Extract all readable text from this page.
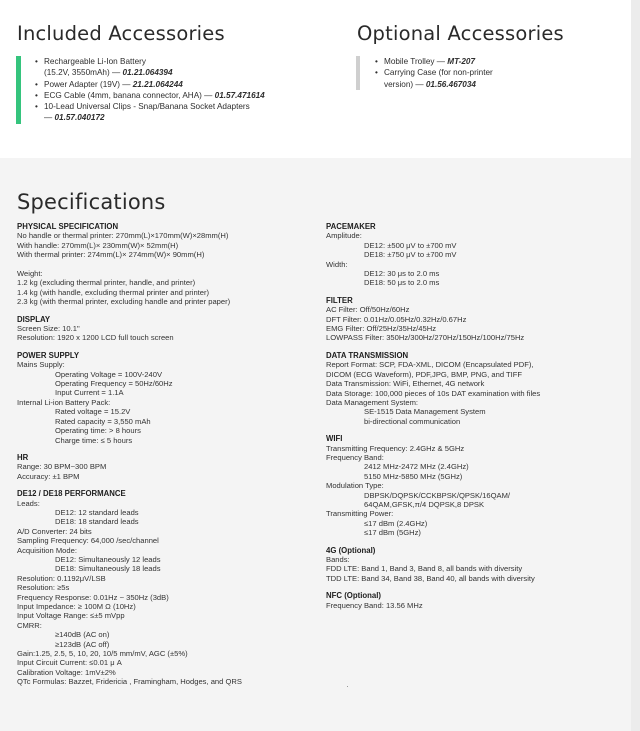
Included Accessories	Optional Accessories
• Rechargeable Li-Ion Battery
(15.2V, 3550mAh) — 01.21.064394
• Power Adapter (19V) — 21.21.064244
• ECG Cable (4mm, banana connector, AHA) — 01.57.471614
• 10-Lead Universal Clips - Snap/Banana Socket Adapters
— 01.57.040172
• Mobile Trolley — MT-207
• Carrying Case (for non-printer
version) — 01.56.467034
Specifications
PHYSICAL SPECIFICATION
No handle or thermal printer: 270mm(L)×170mm(W)×28mm(H)
With handle: 270mm(L)× 230mm(W)× 52mm(H)
With thermal printer: 274mm(L)× 274mm(W)× 90mm(H)
Weight:
1.2 kg (excluding thermal printer, handle, and printer)
1.4 kg (with handle, excluding thermal printer and printer)
2.3 kg (with thermal printer, excluding handle and printer paper)
DISPLAY
Screen Size: 10.1"
Resolution: 1920 x 1200 LCD full touch screen
POWER SUPPLY
Mains Supply:
Operating Voltage = 100V-240V
Operating Frequency = 50Hz/60Hz
Input Current = 1.1A
Internal Li-ion Battery Pack:
Rated voltage = 15.2V
Rated capacity = 3,550 mAh
Operating time: > 8 hours
Charge time: ≤ 5 hours
HR
Range: 30 BPM~300 BPM
Accuracy: ±1 BPM
DE12 / DE18 PERFORMANCE
Leads:
DE12: 12 standard leads
DE18: 18 standard leads
A/D Converter: 24 bits
Sampling Frequency: 64,000 /sec/channel
Acquisition Mode:
DE12: Simultaneously 12 leads
DE18: Simultaneously 18 leads
Resolution: 0.1192μV/LSB
Resolution: ≥5s
Frequency Response: 0.01Hz ~ 350Hz (3dB)
Input Impedance: ≥ 100M Ω (10Hz)
Input Voltage Range: ≤±5 mVpp
CMRR:
≥140dB (AC on)
≥123dB (AC off)
Gain:1.25, 2.5, 5, 10, 20, 10/5 mm/mV, AGC (±5%)
Input Circuit Current: ≤0.01 μ A
Calibration Voltage: 1mV±2%
QTc Formulas: Bazzet, Fridericia , Framingham, Hodges, and QRS
PACEMAKER
Amplitude:
DE12: ±500 μV to ±700 mV
DE18: ±750 μV to ±700 mV
Width:
DE12: 30 μs to 2.0 ms
DE18: 50 μs to 2.0 ms
FILTER
AC Filter: Off/50Hz/60Hz
DFT Filter: 0.01Hz/0.05Hz/0.32Hz/0.67Hz
EMG Filter: Off/25Hz/35Hz/45Hz
LOWPASS Filter: 350Hz/300Hz/270Hz/150Hz/100Hz/75Hz
DATA TRANSMISSION
Report Format: SCP, FDA-XML, DICOM (Encapsulated PDF),
DICOM (ECG Waveform), PDF,JPG, BMP, PNG, and TIFF
Data Transmission: WiFi, Ethernet, 4G network
Data Storage: 100,000 pieces of 10s DAT examination with files
Data Management System:
SE-1515 Data Management System
bi-directional communication
WIFI
Transmitting Frequency: 2.4GHz & 5GHz
Frequency Band:
2412 MHz-2472 MHz (2.4GHz)
5150 MHz-5850 MHz (5GHz)
Modulation Type:
DBPSK/DQPSK/CCKBPSK/QPSK/16QAM/
64QAM,GFSK,π/4 DQPSK,8 DPSK
Transmitting Power:
≤17 dBm (2.4GHz)
≤17 dBm (5GHz)
4G (Optional)
Bands:
FDD LTE: Band 1, Band 3, Band 8, all bands with diversity
TDD LTE: Band 34, Band 38, Band 40, all bands with diversity
NFC (Optional)
Frequency Band: 13.56 MHz
